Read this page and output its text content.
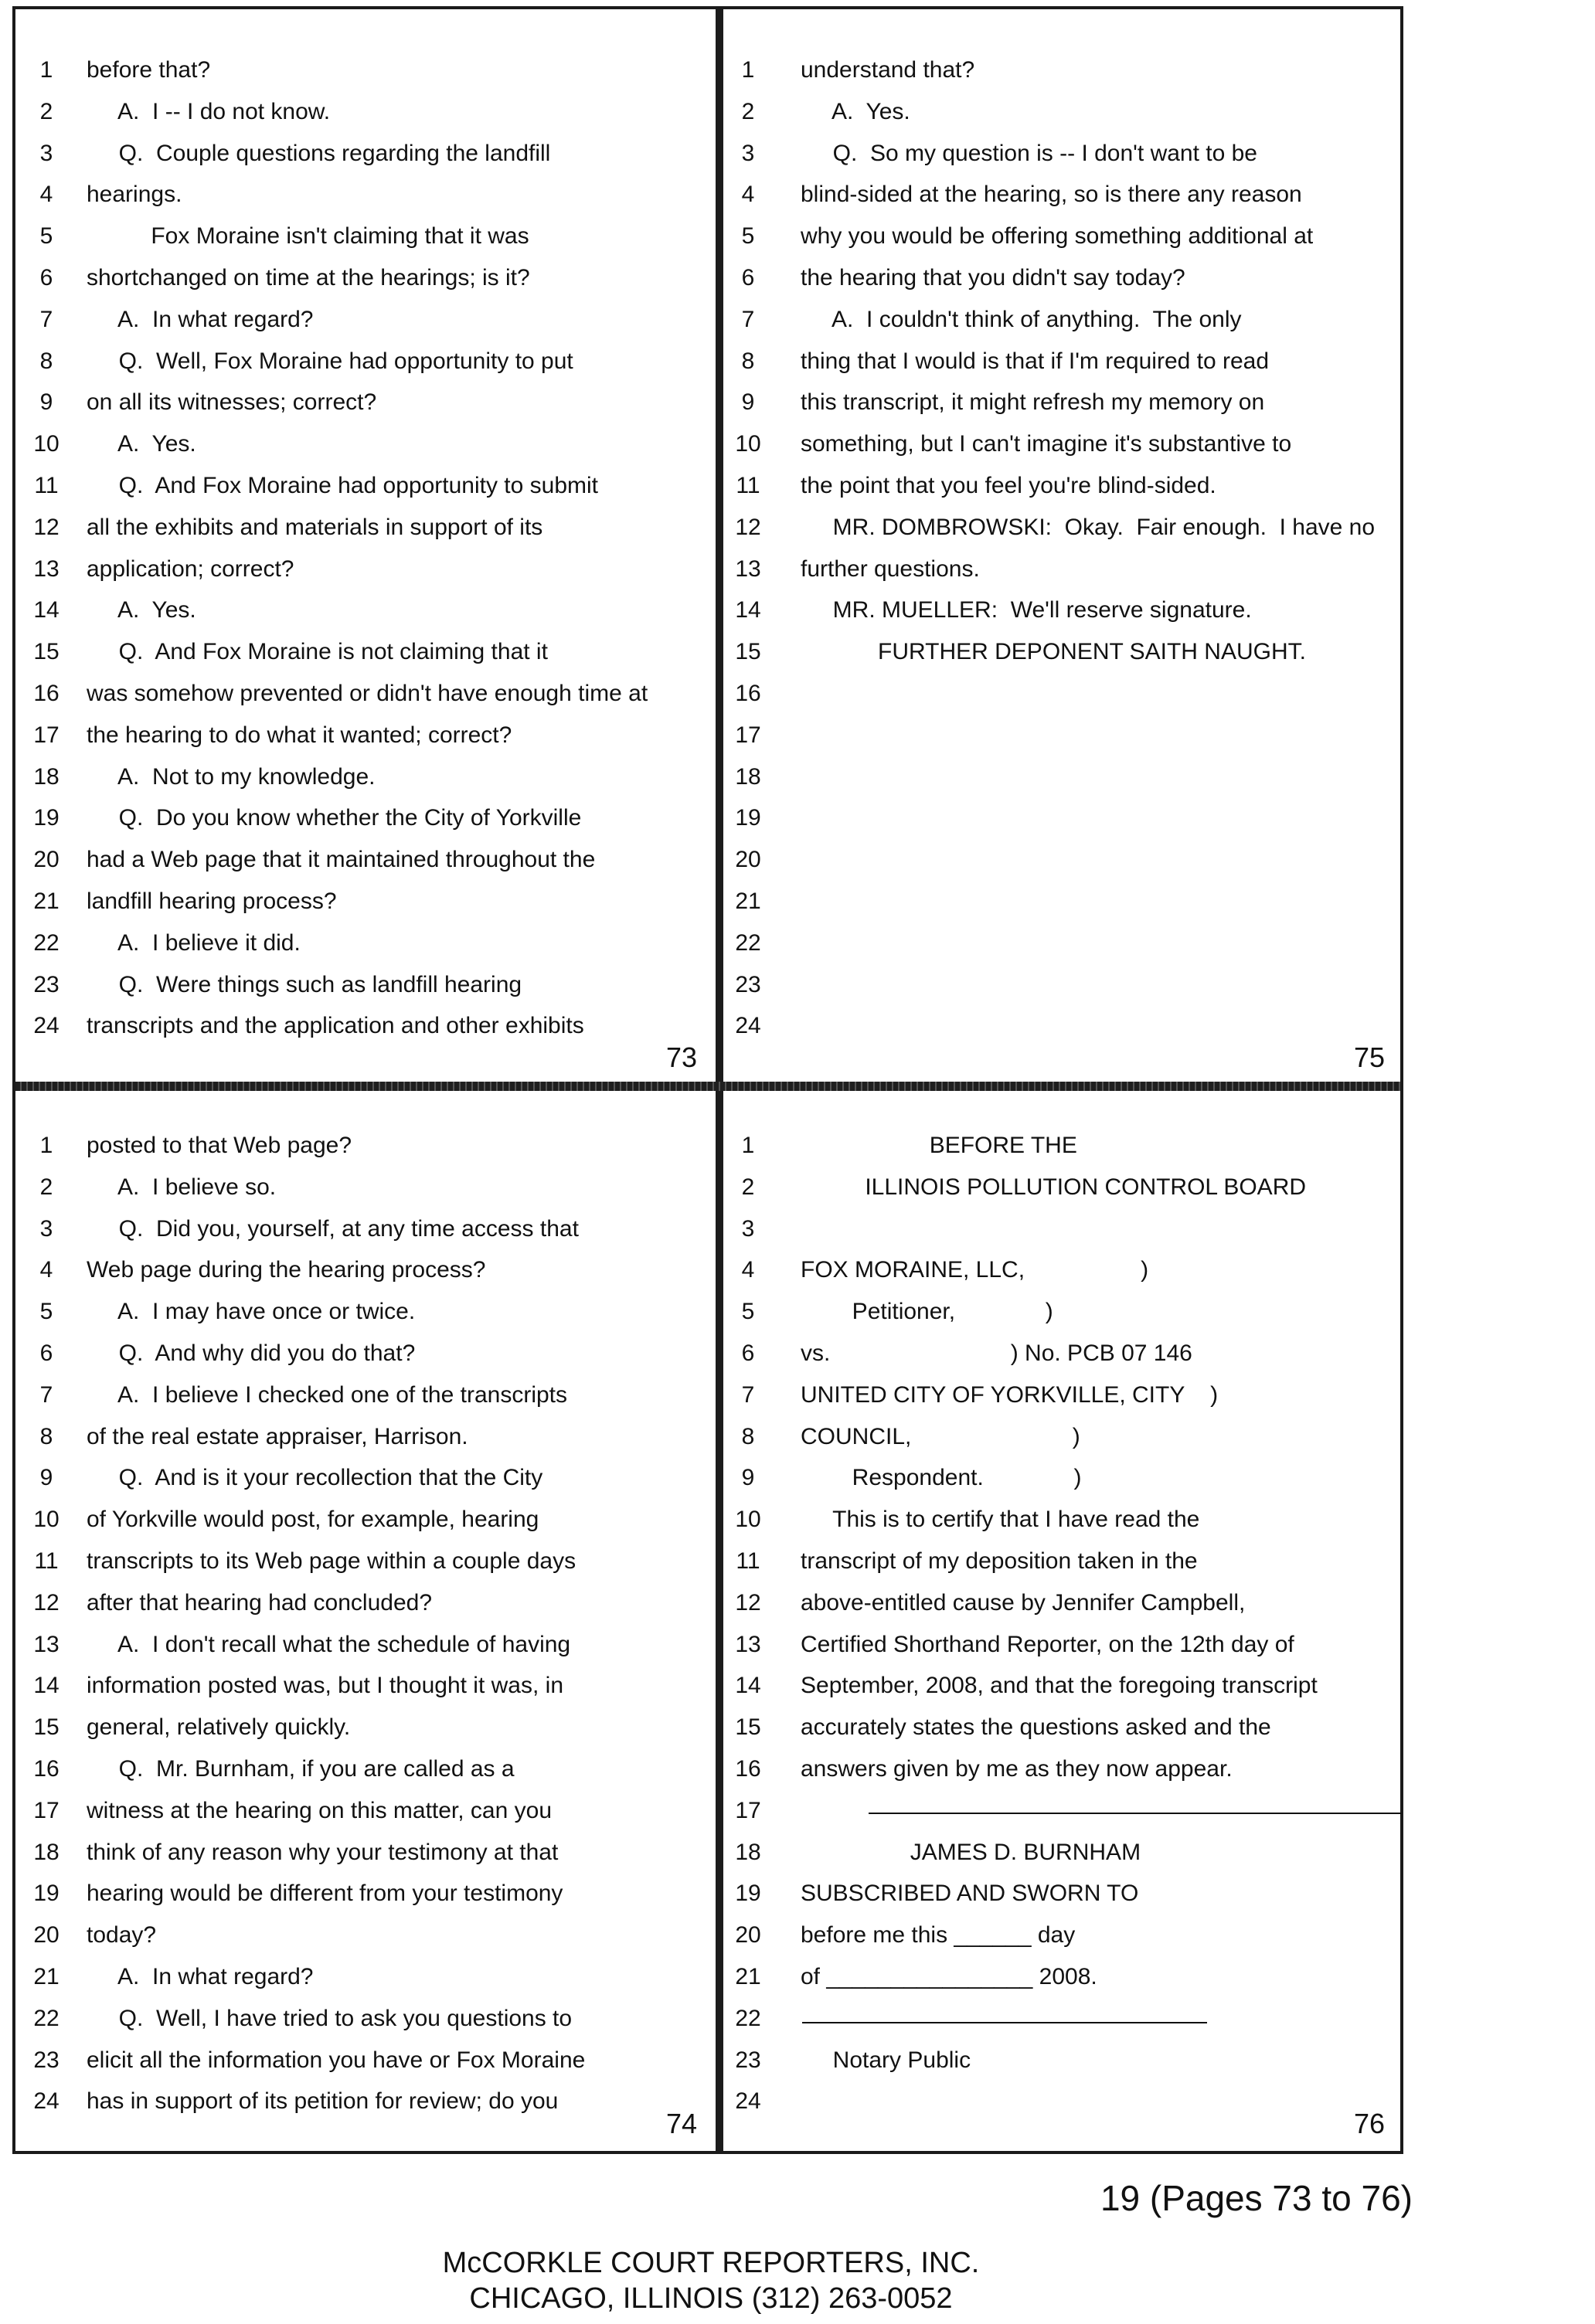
1	before that?
2	A.  I -- I do not know.
3	Q.  Couple questions regarding the landfill
4	hearings.
5	Fox Moraine isn't claiming that it was
6	shortchanged on time at the hearings; is it?
7	A.  In what regard?
8	Q.  Well, Fox Moraine had opportunity to put
9	on all its witnesses; correct?
10 A.  Yes.
11 Q.  And Fox Moraine had opportunity to submit
12 all the exhibits and materials in support of its
13 application; correct?
14 A.  Yes.
15 Q.  And Fox Moraine is not claiming that it
16 was somehow prevented or didn't have enough time at
17 the hearing to do what it wanted; correct?
18 A.  Not to my knowledge.
19 Q.  Do you know whether the City of Yorkville
20 had a Web page that it maintained throughout the
21 landfill hearing process?
22 A.  I believe it did.
23 Q.  Were things such as landfill hearing
24 transcripts and the application and other exhibits
73
1	understand that?
2	A.  Yes.
3	Q.  So my question is -- I don't want to be
4	blind-sided at the hearing, so is there any reason
5	why you would be offering something additional at
6	the hearing that you didn't say today?
7	A.  I couldn't think of anything.  The only
8	thing that I would is that if I'm required to read
9	this transcript, it might refresh my memory on
10 something, but I can't imagine it's substantive to
11 the point that you feel you're blind-sided.
12 MR. DOMBROWSKI:  Okay.  Fair enough.  I have no
13 further questions.
14 MR. MUELLER:  We'll reserve signature.
15 FURTHER DEPONENT SAITH NAUGHT.
16
17
18
19
20
21
22
23
24
75
1	posted to that Web page?
2	A.  I believe so.
3	Q.  Did you, yourself, at any time access that
4	Web page during the hearing process?
5	A.  I may have once or twice.
6	Q.  And why did you do that?
7	A.  I believe I checked one of the transcripts
8	of the real estate appraiser, Harrison.
9	Q.  And is it your recollection that the City
10 of Yorkville would post, for example, hearing
11 transcripts to its Web page within a couple days
12 after that hearing had concluded?
13 A.  I don't recall what the schedule of having
14 information posted was, but I thought it was, in
15 general, relatively quickly.
16 Q.  Mr. Burnham, if you are called as a
17 witness at the hearing on this matter, can you
18 think of any reason why your testimony at that
19 hearing would be different from your testimony
20 today?
21 A.  In what regard?
22 Q.  Well, I have tried to ask you questions to
23 elicit all the information you have or Fox Moraine
24 has in support of its petition for review; do you
74
1	BEFORE THE
2	ILLINOIS POLLUTION CONTROL BOARD
3
4	FOX MORAINE, LLC,                  )
5	Petitioner,              )
6	vs.                            ) No. PCB 07 146
7	UNITED CITY OF YORKVILLE, CITY    )
8	COUNCIL,                         )
9	Respondent.              )
10 This is to certify that I have read the
11 transcript of my deposition taken in the
12 above-entitled cause by Jennifer Campbell,
13 Certified Shorthand Reporter, on the 12th day of
14 September, 2008, and that the foregoing transcript
15 accurately states the questions asked and the
16 answers given by me as they now appear.
17
18 JAMES D. BURNHAM
19 SUBSCRIBED AND SWORN TO
20 before me this ______ day
21 of ________________ 2008.
22
23 Notary Public
24
76
19 (Pages 73 to 76)
McCORKLE COURT REPORTERS, INC.
CHICAGO, ILLINOIS (312) 263-0052
